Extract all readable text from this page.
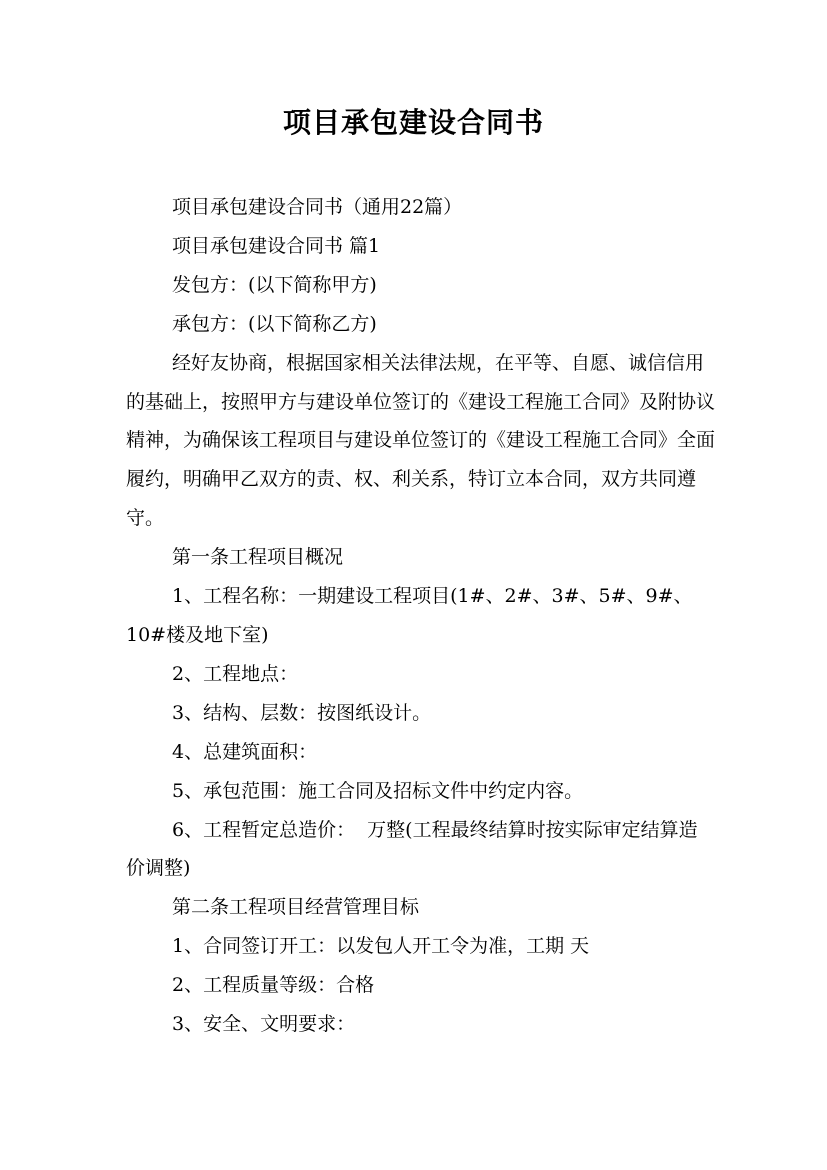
项目承包建设合同书

项目承包建设合同书（通用22篇）

项目承包建设合同书 篇1

发包方：(以下简称甲方)

承包方：(以下简称乙方)

经好友协商，根据国家相关法律法规，在平等、自愿、诚信信用的基础上，按照甲方与建设单位签订的《建设工程施工合同》及附协议精神，为确保该工程项目与建设单位签订的《建设工程施工合同》全面履约，明确甲乙双方的责、权、利关系，特订立本合同，双方共同遵守。

第一条工程项目概况

1、工程名称：一期建设工程项目(1#、2#、3#、5#、9#、10#楼及地下室)

2、工程地点：

3、结构、层数：按图纸设计。

4、总建筑面积：

5、承包范围：施工合同及招标文件中约定内容。

6、工程暂定总造价：  万整(工程最终结算时按实际审定结算造价调整)

第二条工程项目经营管理目标

1、合同签订开工：以发包人开工令为准，工期 天

2、工程质量等级：合格

3、安全、文明要求：
